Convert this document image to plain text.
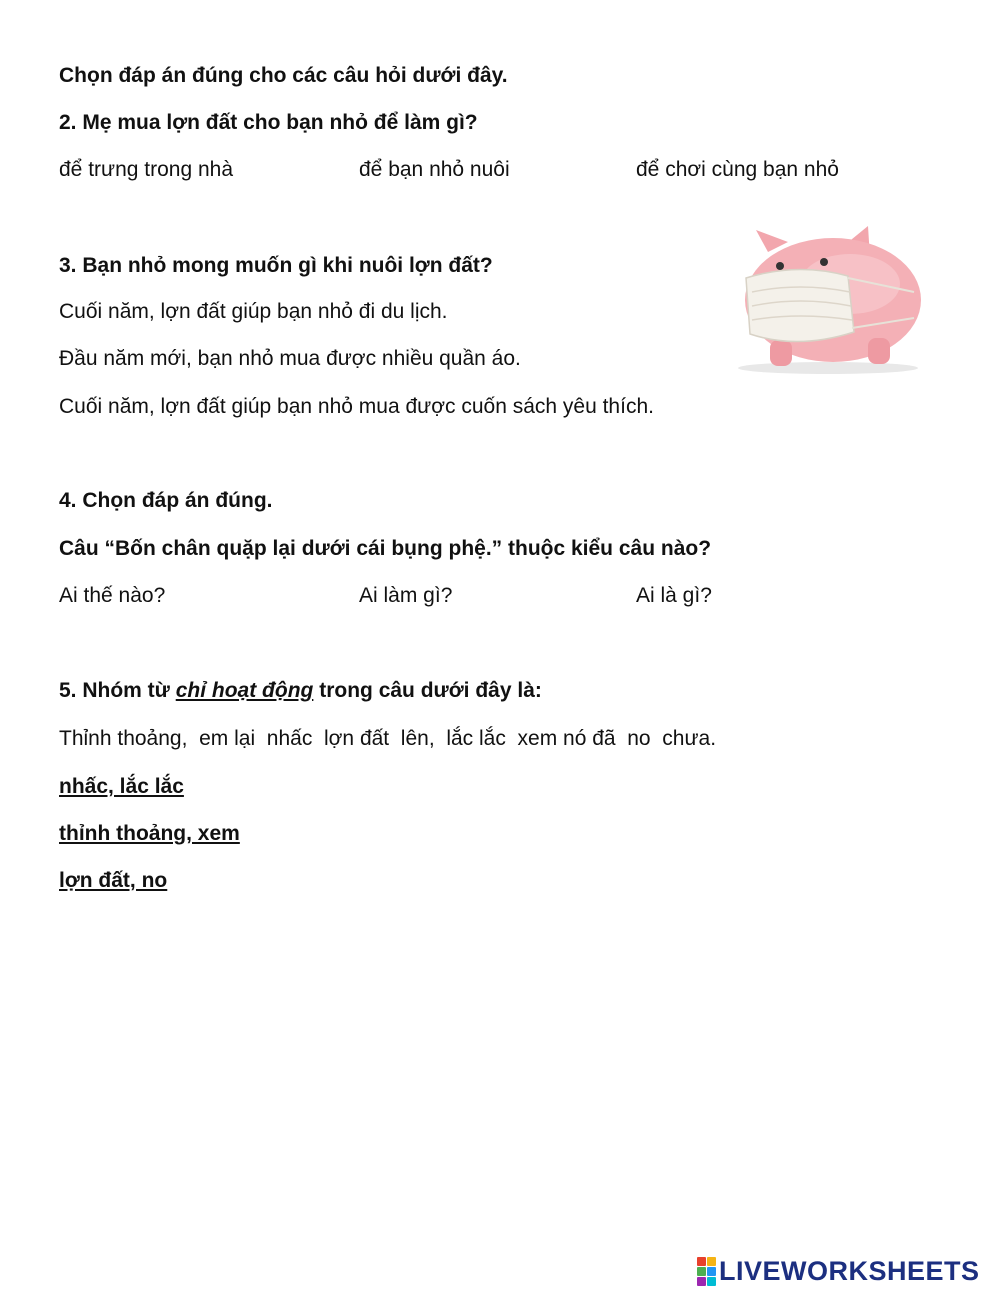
Chọn đáp án đúng cho các câu hỏi dưới đây.
2. Mẹ mua lợn đất cho bạn nhỏ để làm gì?
để trưng trong nhà	để bạn nhỏ nuôi	để chơi cùng bạn nhỏ
3. Bạn nhỏ mong muốn gì khi nuôi lợn đất?
Cuối năm, lợn đất giúp bạn nhỏ đi du lịch.
Đầu năm mới, bạn nhỏ mua được nhiều quần áo.
Cuối năm, lợn đất giúp bạn nhỏ mua được cuốn sách yêu thích.
4. Chọn đáp án đúng.
Câu “Bốn chân quặp lại dưới cái bụng phệ.” thuộc kiểu câu nào?
Ai thế nào?	Ai làm gì?	Ai là gì?
5. Nhóm từ chỉ hoạt động trong câu dưới đây là:
Thỉnh thoảng,  em lại  nhấc  lợn đất  lên,  lắc lắc  xem nó đã  no  chưa.
nhấc, lắc lắc
thỉnh thoảng, xem
lợn đất, no
LIVEWORKSHEETS
